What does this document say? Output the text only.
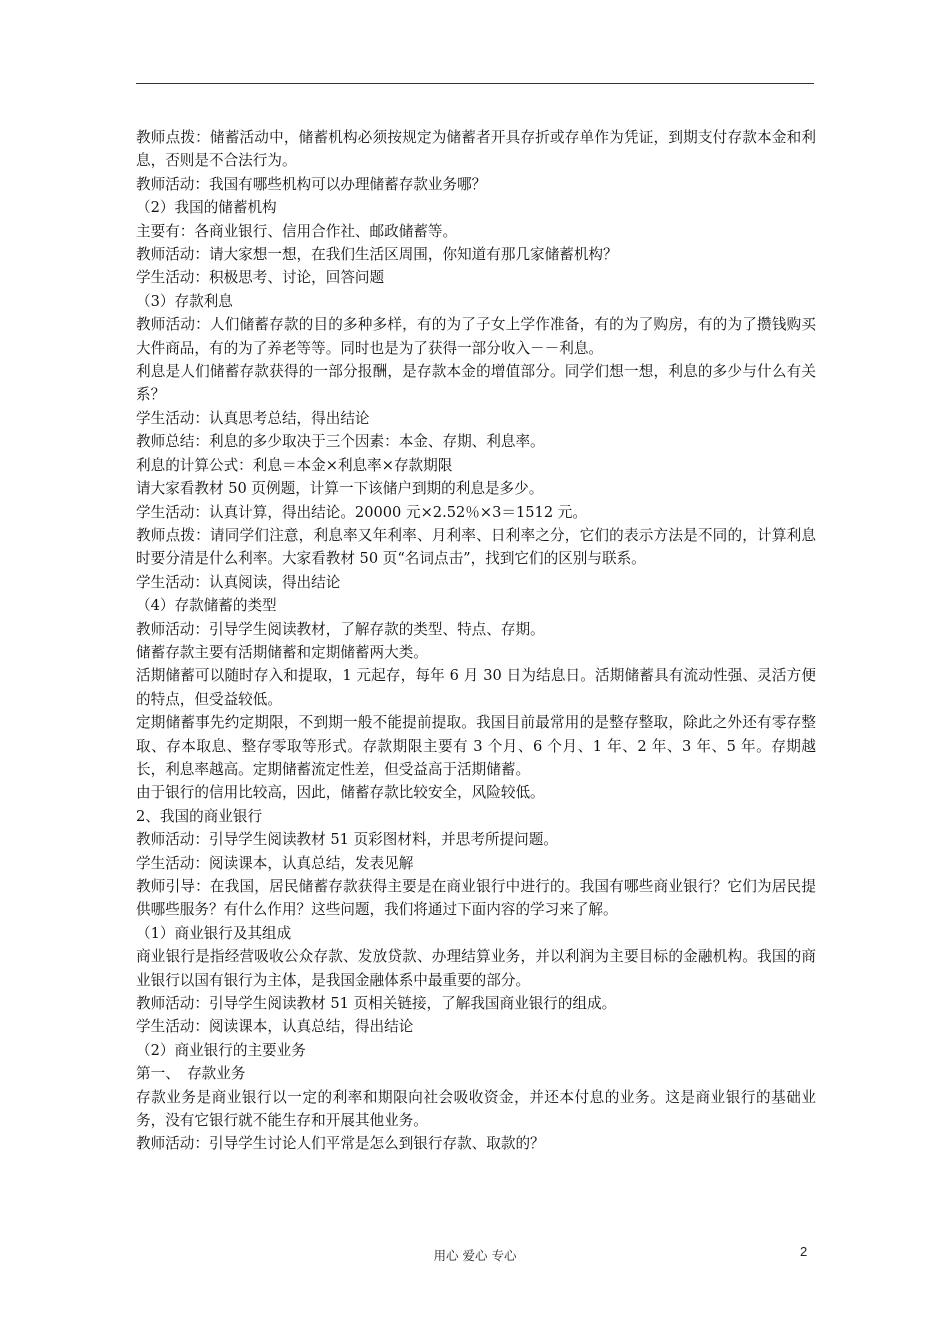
教师点拨：储蓄活动中，储蓄机构必须按规定为储蓄者开具存折或存单作为凭证，到期支付存款本金和利息，否则是不合法行为。

教师活动：我国有哪些机构可以办理储蓄存款业务哪？

（2）我国的储蓄机构

主要有：各商业银行、信用合作社、邮政储蓄等。

教师活动：请大家想一想，在我们生活区周围，你知道有那几家储蓄机构？

学生活动：积极思考、讨论，回答问题

（3）存款利息

教师活动：人们储蓄存款的目的多种多样，有的为了子女上学作准备，有的为了购房，有的为了攒钱购买大件商品，有的为了养老等等。同时也是为了获得一部分收入－－利息。

利息是人们储蓄存款获得的一部分报酬，是存款本金的增值部分。同学们想一想，利息的多少与什么有关系？

学生活动：认真思考总结，得出结论

教师总结：利息的多少取决于三个因素：本金、存期、利息率。

利息的计算公式：利息＝本金×利息率×存款期限

请大家看教材 50 页例题，计算一下该储户到期的利息是多少。

学生活动：认真计算，得出结论。20000 元×2.52％×3＝1512 元。

教师点拨：请同学们注意，利息率又年利率、月利率、日利率之分，它们的表示方法是不同的，计算利息时要分清是什么利率。大家看教材 50 页“名词点击”，找到它们的区别与联系。

学生活动：认真阅读，得出结论

（4）存款储蓄的类型

教师活动：引导学生阅读教材，了解存款的类型、特点、存期。

储蓄存款主要有活期储蓄和定期储蓄两大类。

活期储蓄可以随时存入和提取，1 元起存，每年 6 月 30 日为结息日。活期储蓄具有流动性强、灵活方便的特点，但受益较低。

定期储蓄事先约定期限，不到期一般不能提前提取。我国目前最常用的是整存整取，除此之外还有零存整取、存本取息、整存零取等形式。存款期限主要有 3 个月、6 个月、1 年、2 年、3 年、5 年。存期越长，利息率越高。定期储蓄流定性差，但受益高于活期储蓄。

由于银行的信用比较高，因此，储蓄存款比较安全，风险较低。

2、我国的商业银行

教师活动：引导学生阅读教材 51 页彩图材料，并思考所提问题。

学生活动：阅读课本，认真总结，发表见解

教师引导：在我国，居民储蓄存款获得主要是在商业银行中进行的。我国有哪些商业银行？它们为居民提供哪些服务？有什么作用？这些问题，我们将通过下面内容的学习来了解。

（1）商业银行及其组成

商业银行是指经营吸收公众存款、发放贷款、办理结算业务，并以利润为主要目标的金融机构。我国的商业银行以国有银行为主体，是我国金融体系中最重要的部分。

教师活动：引导学生阅读教材 51 页相关链接，了解我国商业银行的组成。

学生活动：阅读课本，认真总结，得出结论

（2）商业银行的主要业务

第一、　存款业务

存款业务是商业银行以一定的利率和期限向社会吸收资金，并还本付息的业务。这是商业银行的基础业务，没有它银行就不能生存和开展其他业务。

教师活动：引导学生讨论人们平常是怎么到银行存款、取款的？

用心 爱心 专心	2
